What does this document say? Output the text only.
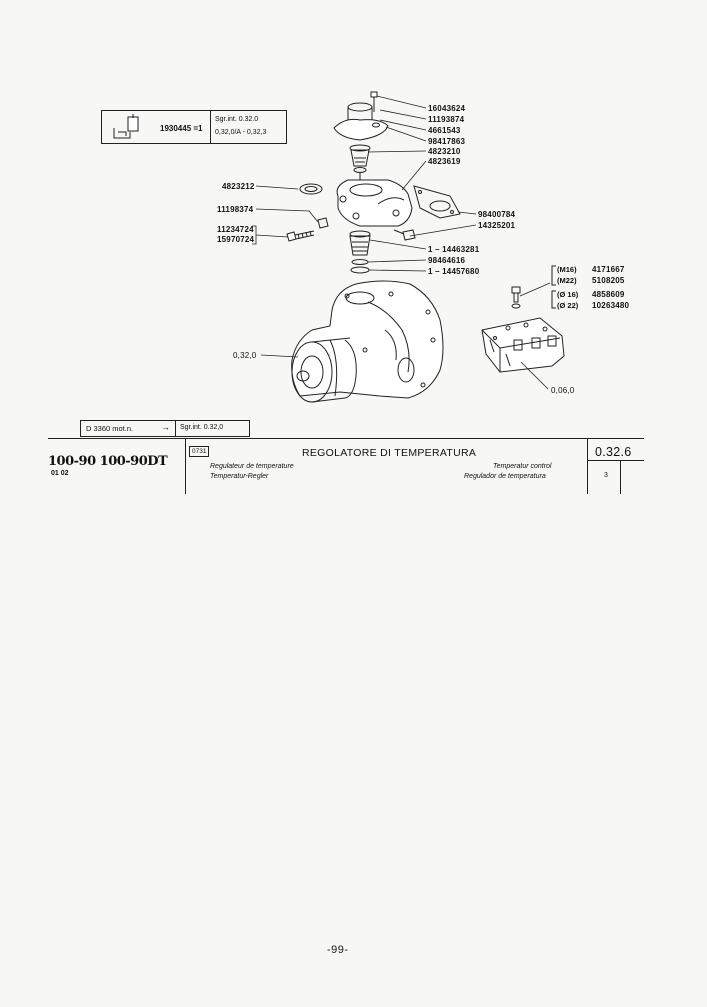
16043624
11193874
4661543
98417863
4823210
4823619
4823212
11198374
11234724
15970724
98400784
14325201
1 – 14463281
98464616
1 – 14457680	(M16) 4171667
(M22) 5108205
(Ø 16) 4858609
(Ø 22) 10263480
0,32,0
0,06,0
1930445 =1
Sgr.int. 0.32.0
0,32,0/A - 0,32,3
D 3360 mot.n.	→ Sgr.int. 0.32,0
100-90 100-90DT
01 02
0731	REGOLATORE DI TEMPERATURA
Regulateur de temperature
Temperatur-Regler
Temperatur control
Regulador de temperatura
0.32.6
3
-99-
